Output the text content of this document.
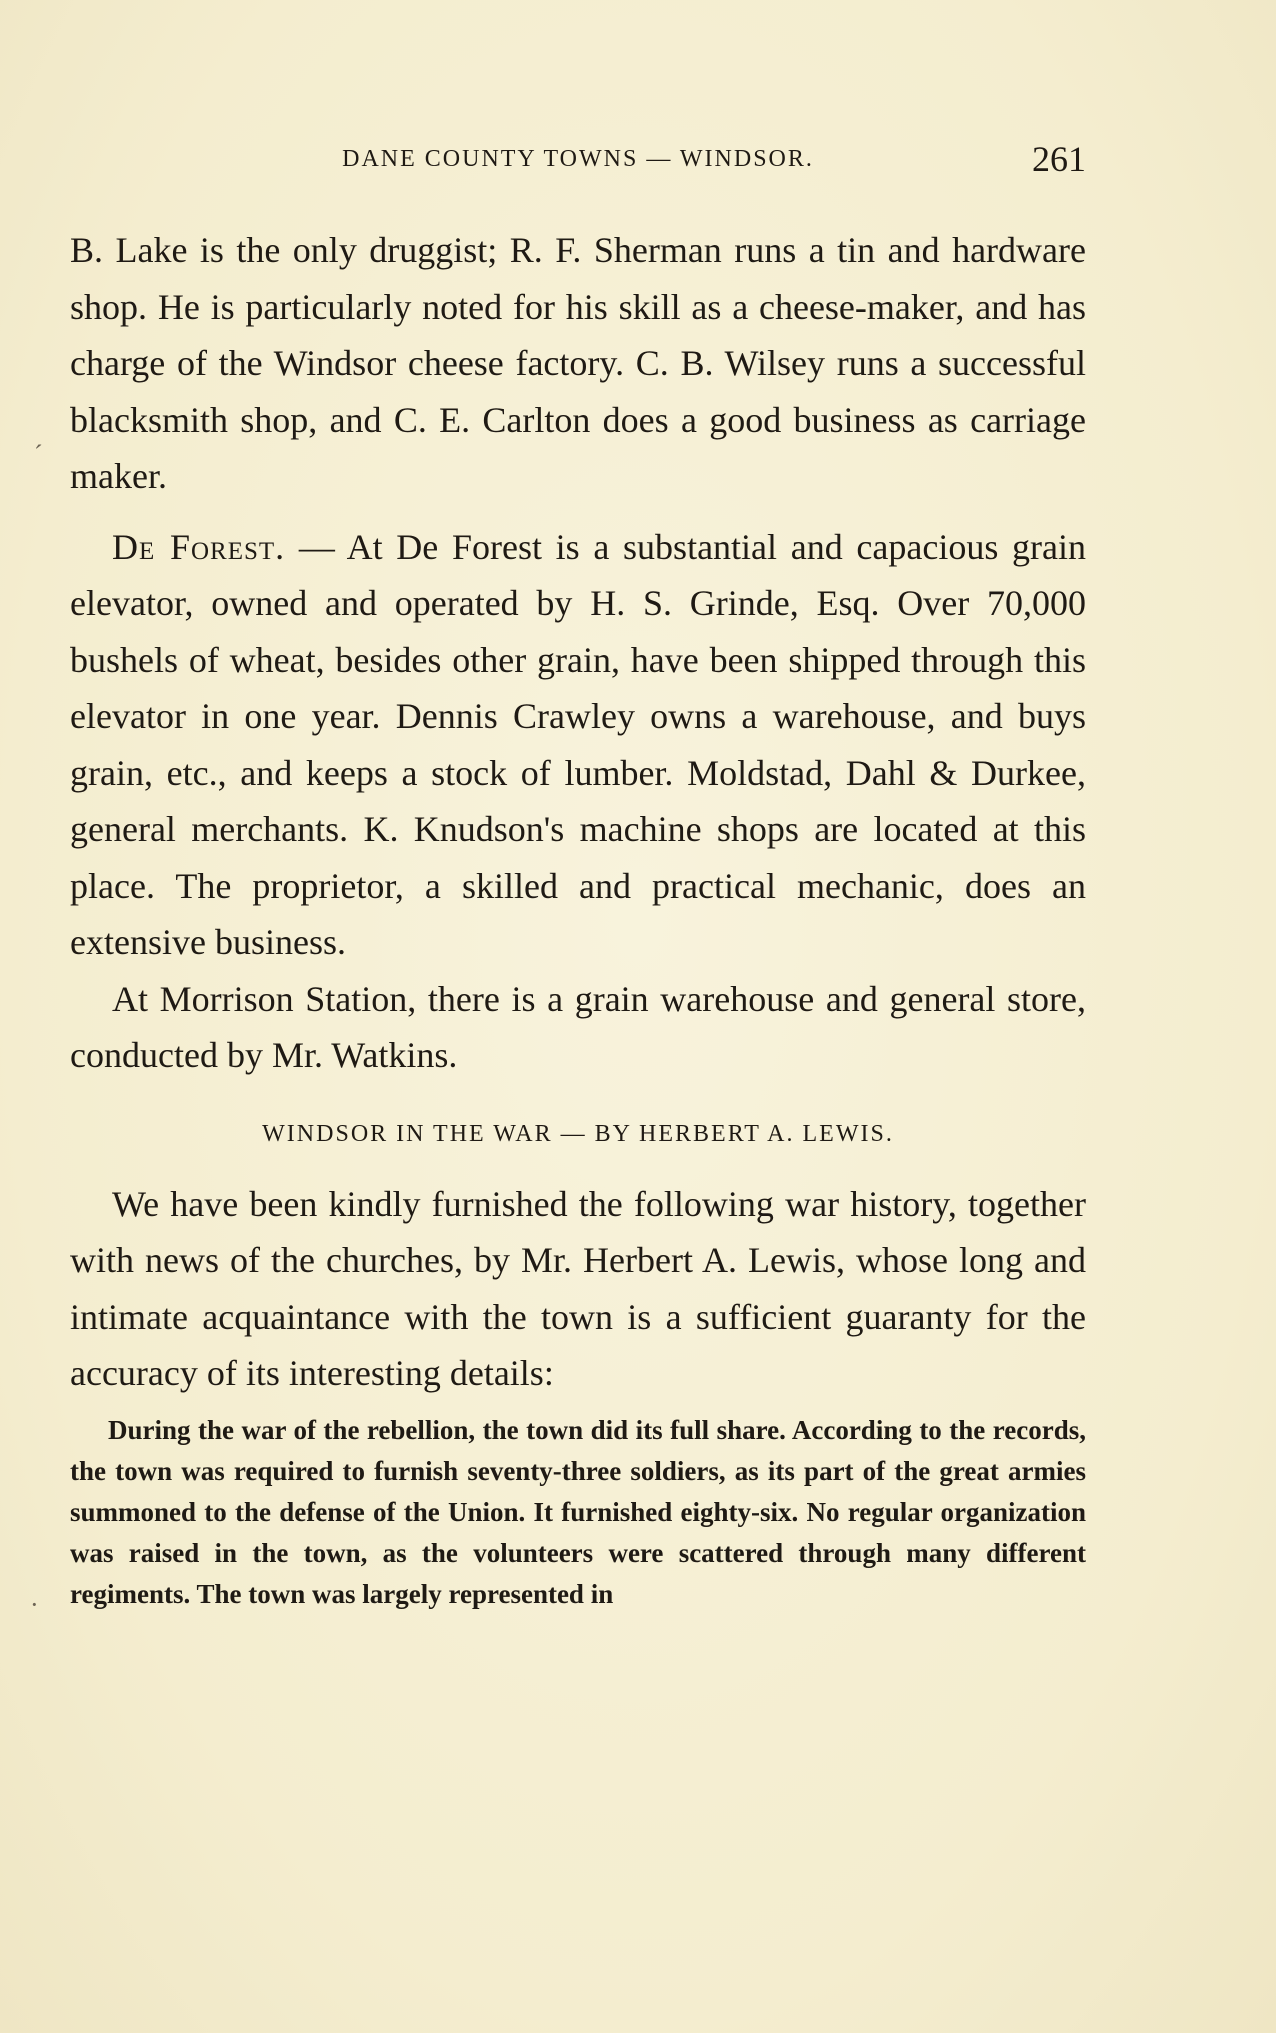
DANE COUNTY TOWNS — WINDSOR.	261

B. Lake is the only druggist; R. F. Sherman runs a tin and hardware shop. He is particularly noted for his skill as a cheese-maker, and has charge of the Windsor cheese factory. C. B. Wilsey runs a successful blacksmith shop, and C. E. Carlton does a good business as carriage maker.

De Forest. — At De Forest is a substantial and capacious grain elevator, owned and operated by H. S. Grinde, Esq. Over 70,000 bushels of wheat, besides other grain, have been shipped through this elevator in one year. Dennis Crawley owns a warehouse, and buys grain, etc., and keeps a stock of lumber. Moldstad, Dahl & Durkee, general merchants. K. Knudson's machine shops are located at this place. The proprietor, a skilled and practical mechanic, does an extensive business.

At Morrison Station, there is a grain warehouse and general store, conducted by Mr. Watkins.

WINDSOR IN THE WAR — BY HERBERT A. LEWIS.

We have been kindly furnished the following war history, together with news of the churches, by Mr. Herbert A. Lewis, whose long and intimate acquaintance with the town is a sufficient guaranty for the accuracy of its interesting details:

During the war of the rebellion, the town did its full share. According to the records, the town was required to furnish seventy-three soldiers, as its part of the great armies summoned to the defense of the Union. It furnished eighty-six. No regular organization was raised in the town, as the volunteers were scattered through many different regiments. The town was largely represented in

´
·
